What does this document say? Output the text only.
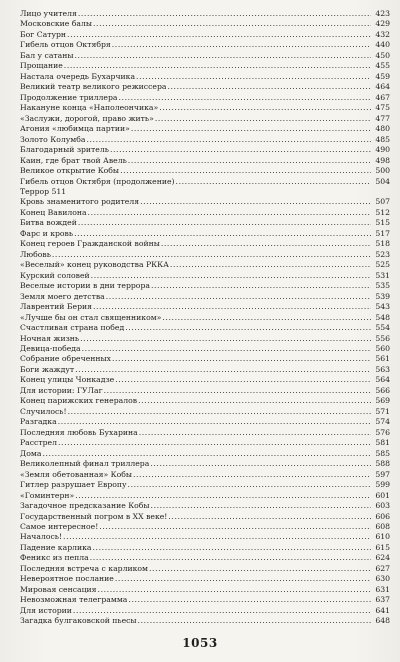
Лицо учителя .....	423
Московские балы .....	429
Бог Сатурн .....	432
Гибель отцов Октября .....	440
Бал у сатаны .....	450
Прощание .....	455
Настала очередь Бухарчика .....	459
Великий театр великого режиссера .....	464
Продолжение триллера .....	467
Накануне конца «Наполеончика» .....	475
«Заслужи, дорогой, право жить» .....	477
Агония «любимца партии» .....	480
Золото Колумба .....	485
Благодарный зритель .....	490
Каин, где брат твой Авель .....	498
Великое открытие Кобы .....	500
Гибель отцов Октября (продолжение) .....	504
Террор 511
Кровь знаменитого родителя .....	507
Конец Вавилона .....	512
Битва вождей .....	515
Фарс и кровь .....	517
Конец героев Гражданской войны .....	518
Любовь .....	523
«Веселый» конец руководства РККА .....	525
Курский соловей .....	531
Веселые истории в дни террора .....	535
Земля моего детства .....	539
Лаврентий Берия .....	543
«Лучше бы он стал священником» .....	548
Счастливая страна побед .....	554
Ночная жизнь .....	556
Девица-победа .....	560
Собрание обреченных .....	561
Боги жаждут .....	563
Конец улицы Чонкадзе .....	564
Для истории: ГУЛаг .....	566
Конец парижских генералов .....	569
Случилось! .....	571
Разгадка .....	574
Последняя любовь Бухарина .....	576
Расстрел .....	581
Дома .....	585
Великолепный финал триллера .....	588
«Земля обетованная» Кобы .....	597
Гитлер разрушает Европу .....	599
«Гоминтерн» .....	601
Загадочное предсказание Кобы .....	603
Государственный погром в XX веке! .....	606
Самое интересное! .....	608
Началось! .....	610
Падение карлика .....	615
Феникс из пепла .....	624
Последняя встреча с карликом .....	627
Невероятное послание .....	630
Мировая сенсация .....	631
Невозможная телеграмма .....	637
Для истории .....	641
Загадка булгаковской пьесы .....	648
1053
